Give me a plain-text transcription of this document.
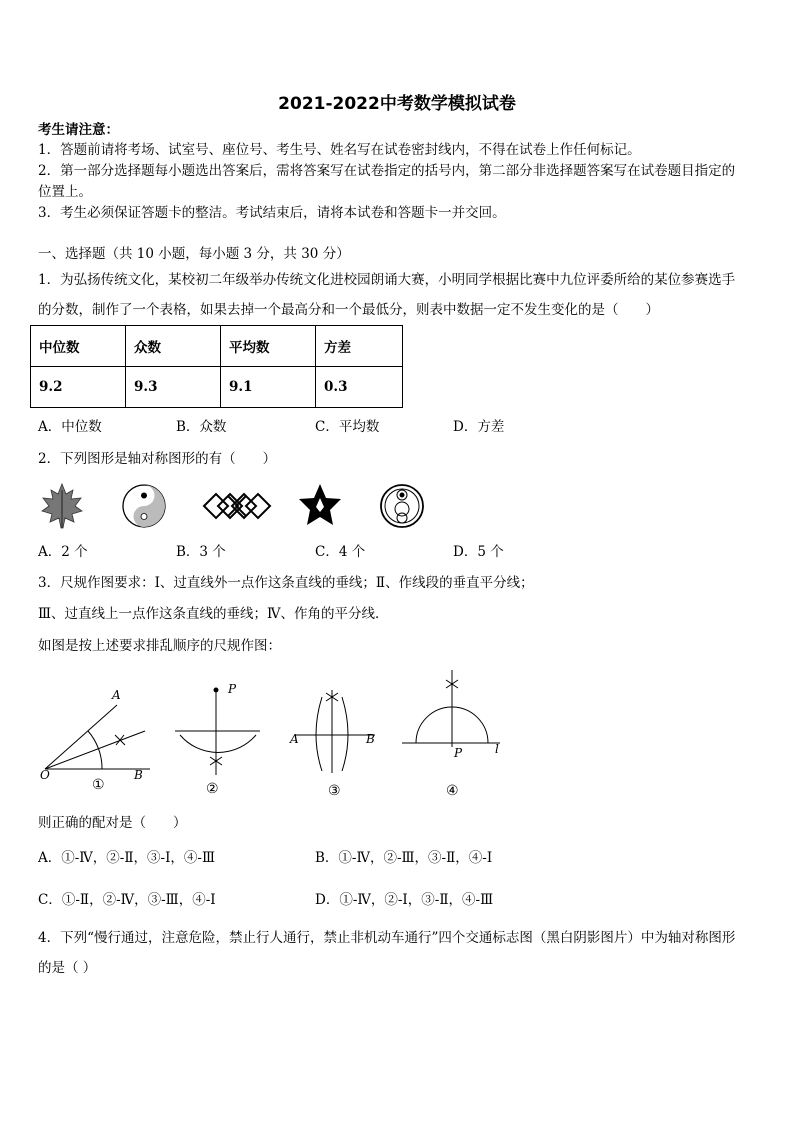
2021-2022中考数学模拟试卷
考生请注意：
1．答题前请将考场、试室号、座位号、考生号、姓名写在试卷密封线内，不得在试卷上作任何标记。
2．第一部分选择题每小题选出答案后，需将答案写在试卷指定的括号内，第二部分非选择题答案写在试卷题目指定的
位置上。
3．考生必须保证答题卡的整洁。考试结束后，请将本试卷和答题卡一并交回。
一、选择题（共 10 小题，每小题 3 分，共 30 分）
1．为弘扬传统文化，某校初二年级举办传统文化进校园朗诵大赛，小明同学根据比赛中九位评委所给的某位参赛选手
的分数，制作了一个表格，如果去掉一个最高分和一个最低分，则表中数据一定不发生变化的是（　　）
中位数	众数	平均数	方差
9.2	9.3	9.1	0.3
A．中位数	B．众数	C．平均数	D．方差
2．下列图形是轴对称图形的有（　　）
A．2 个	B．3 个	C．4 个	D．5 个
3．尺规作图要求：Ⅰ、过直线外一点作这条直线的垂线；Ⅱ、作线段的垂直平分线；
Ⅲ、过直线上一点作这条直线的垂线；Ⅳ、作角的平分线．
如图是按上述要求排乱顺序的尺规作图：
A
O	B
①
P
②
A	B
③
P	l
④
则正确的配对是（　　）
A．①-Ⅳ，②-Ⅱ，③-Ⅰ，④-Ⅲ	B．①-Ⅳ，②-Ⅲ，③-Ⅱ，④-Ⅰ
C．①-Ⅱ，②-Ⅳ，③-Ⅲ，④-Ⅰ	D．①-Ⅳ，②-Ⅰ，③-Ⅱ，④-Ⅲ
4．下列“慢行通过，注意危险，禁止行人通行，禁止非机动车通行”四个交通标志图（黑白阴影图片）中为轴对称图形
的是（ ）
